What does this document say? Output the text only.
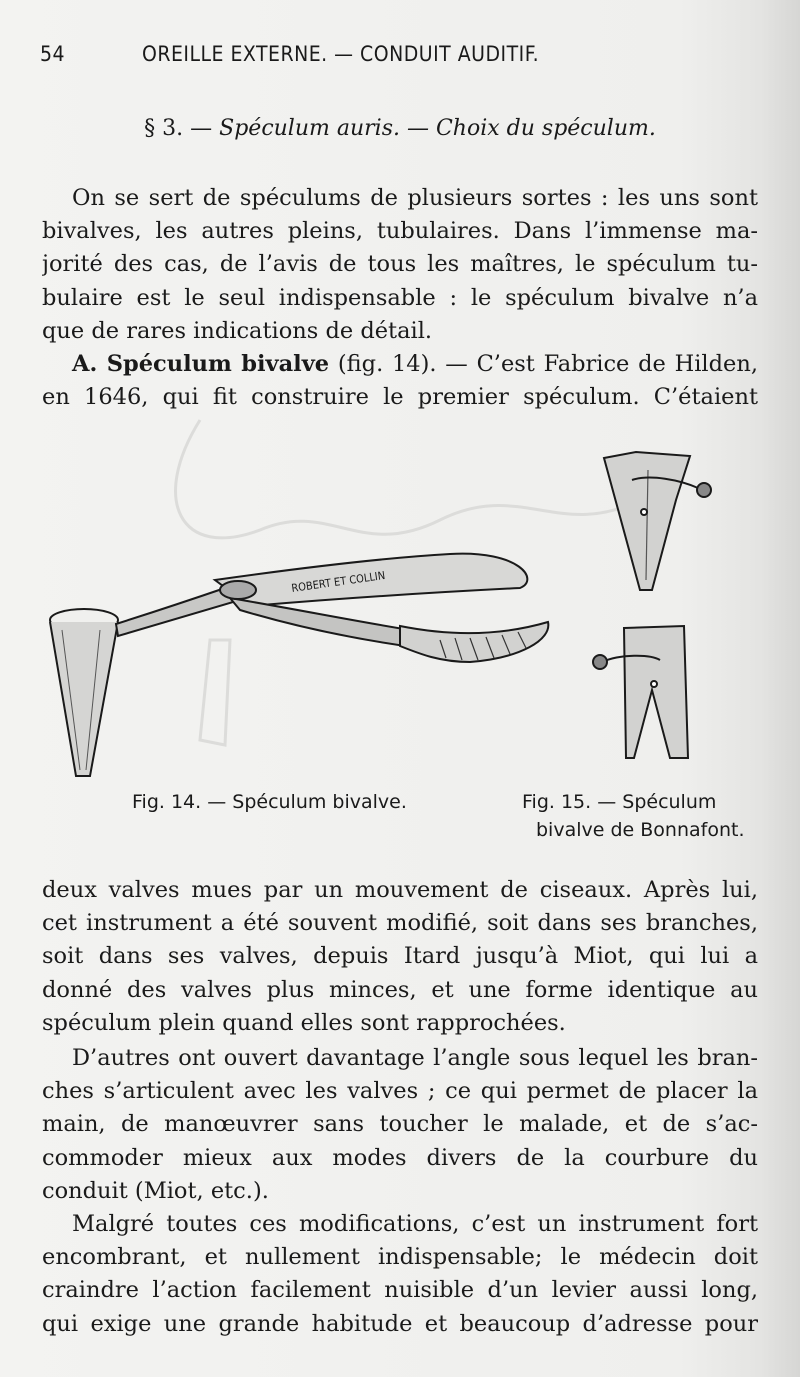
54	OREILLE EXTERNE. — CONDUIT AUDITIF.
§ 3. — Spéculum auris. — Choix du spéculum.
On se sert de spéculums de plusieurs sortes : les uns sont
bivalves, les autres pleins, tubulaires. Dans l’immense ma-
jorité des cas, de l’avis de tous les maîtres, le spéculum tu-
bulaire est le seul indispensable : le spéculum bivalve n’a
que de rares indications de détail.
A. Spéculum bivalve (fig. 14). — C’est Fabrice de Hilden,
en 1646, qui fit construire le premier spéculum. C’étaient
ROBERT ET COLLIN
Fig. 14. — Spéculum bivalve.	Fig. 15. — Spéculum
bivalve de Bonnafont.
deux valves mues par un mouvement de ciseaux. Après lui,
cet instrument a été souvent modifié, soit dans ses branches,
soit dans ses valves, depuis Itard jusqu’à Miot, qui lui a
donné des valves plus minces, et une forme identique au
spéculum plein quand elles sont rapprochées.
D’autres ont ouvert davantage l’angle sous lequel les bran-
ches s’articulent avec les valves ; ce qui permet de placer la
main, de manœuvrer sans toucher le malade, et de s’ac-
commoder mieux aux modes divers de la courbure du
conduit (Miot, etc.).
Malgré toutes ces modifications, c’est un instrument fort
encombrant, et nullement indispensable; le médecin doit
craindre l’action facilement nuisible d’un levier aussi long,
qui exige une grande habitude et beaucoup d’adresse pour
